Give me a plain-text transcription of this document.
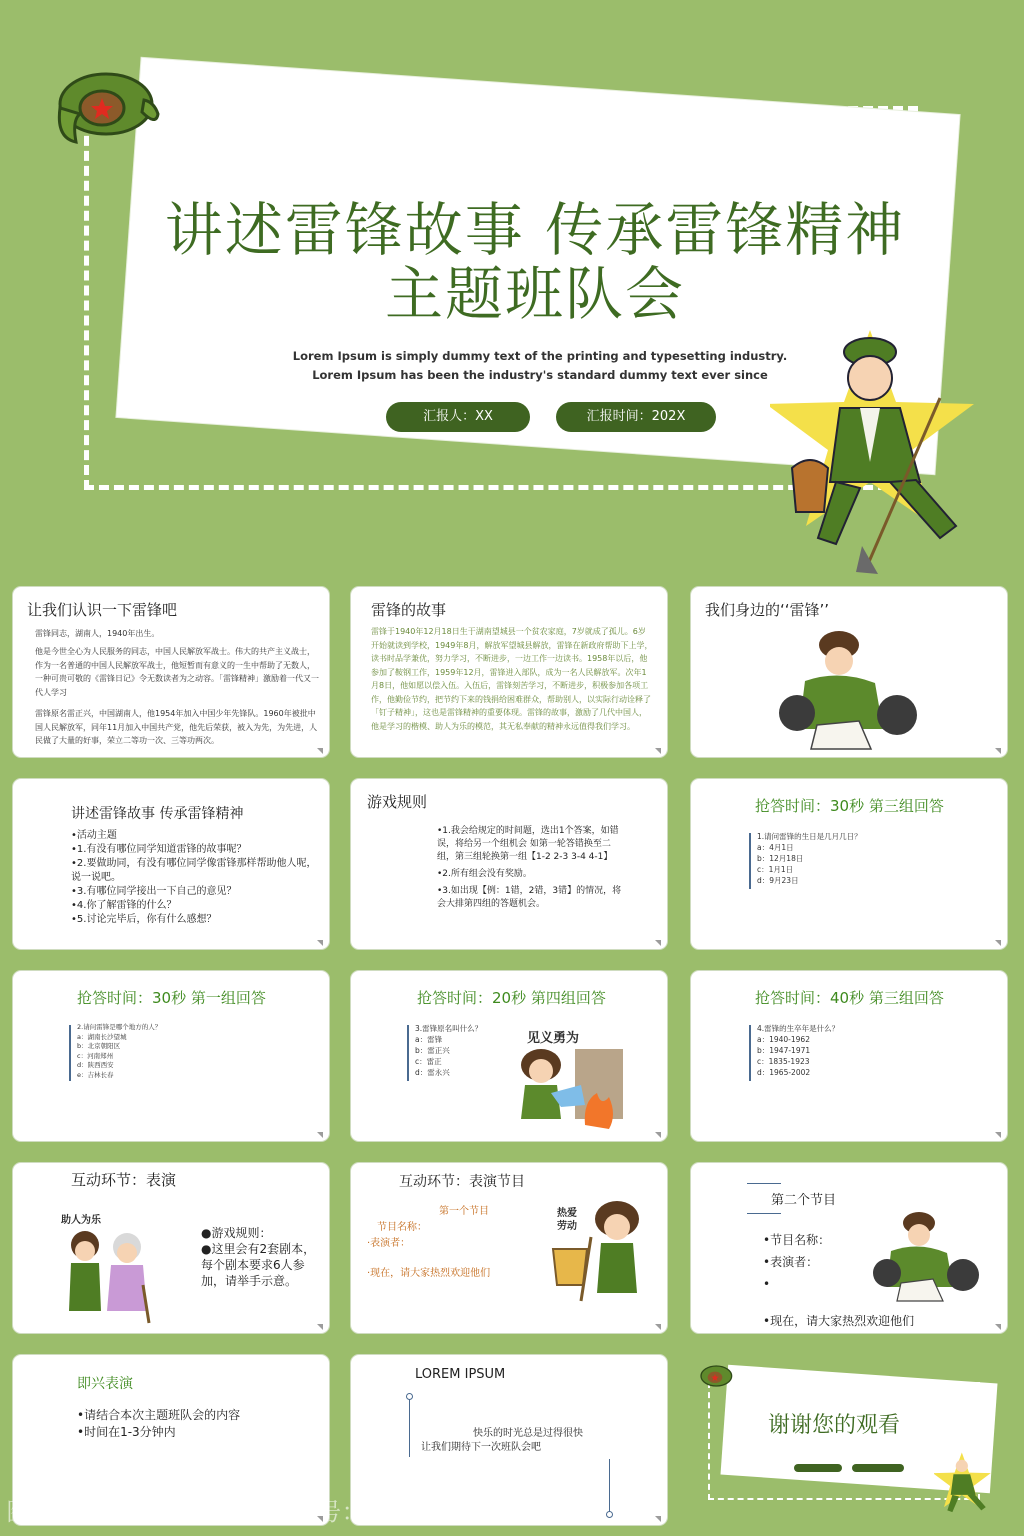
讲述雷锋故事 传承雷锋精神
主题班队会
Lorem Ipsum is simply dummy text of the printing and typesetting industry.
Lorem Ipsum has been the industry's standard dummy text ever since
汇报人：XX	汇报时间：202X
让我们认识一下雷锋吧
雷锋同志，湖南人，1940年出生。
他是今世全心为人民服务的同志，中国人民解放军战士。伟大的共产主义战士，作为一名普通的中国人民解放军战士，他短暂而有意义的一生中帮助了无数人，一种可贵可敬的《雷锋日记》令无数读者为之动容。「雷锋精神」激励着一代又一代人学习
雷锋原名雷正兴，中国湖南人，他1954年加入中国少年先锋队。1960年被批中国人民解放军，同年11月加入中国共产党，他先后荣获，被入为先，为先进，人民做了大量的好事，荣立二等功一次、三等功两次。
雷锋的故事
雷锋于1940年12月18日生于湖南望城县一个贫农家庭，7岁就成了孤儿。6岁开始就读到学校，1949年8月，解放军望城县解放，雷锋在新政府帮助下上学，读书时品学兼优，努力学习，不断进步，一边工作一边读书。1958年以后，他参加了鞍钢工作，1959年12月，雷锋进入部队，成为一名人民解放军。次年1月8日，他如愿以偿入伍。入伍后，雷锋刻苦学习，不断进步，积极参加各项工作，他勤俭节约，把节约下来的钱捐给困难群众，帮助别人，以实际行动诠释了「钉子精神」，这也是雷锋精神的重要体现。雷锋的故事，激励了几代中国人，他是学习的楷模、助人为乐的模范，其无私奉献的精神永远值得我们学习。
我们身边的‘‘雷锋’’
讲述雷锋故事 传承雷锋精神
•活动主题
•1.有没有哪位同学知道雷锋的故事呢？
•2.要做助同，有没有哪位同学像雷锋那样帮助他人呢，说一说吧。
•3.有哪位同学接出一下自己的意见？
•4.你了解雷锋的什么？
•5.讨论完毕后，你有什么感想？
游戏规则
•1.我会给规定的时间题，选出1个答案，如错误，将给另一个组机会 如第一轮答错换至二组，第三组轮换第一组【1-2 2-3 3-4 4-1】
•2.所有组会没有奖励。
•3.如出现【例：1错，2错，3错】的情况，将会大排第四组的答题机会。
抢答时间：30秒 第三组回答
1.请问雷锋的生日是几月几日？
a：4月1日
b：12月18日
c：1月1日
d：9月23日
抢答时间：30秒 第一组回答
2.请问雷锋是哪个地方的人？
a：湖南长沙望城
b：北京朝阳区
c：河南郑州
d：陕西西安
e：吉林长春
抢答时间：20秒 第四组回答
3.雷锋原名叫什么？
a：雷锋
b：雷正兴
c：雷正
d：雷永兴
见义勇为
抢答时间：40秒 第三组回答
4.雷锋的生卒年是什么？
a：1940-1962
b：1947-1971
c：1835-1923
d：1965-2002
互动环节：表演
助人为乐
●游戏规则：
●这里会有2套剧本，每个剧本要求6人参加，请举手示意。
互动环节：表演节目
第一个节目
节目名称：
·表演者：
·现在，请大家热烈欢迎他们
热爱劳动
第二个节目
•节目名称：
•表演者：
•
•现在，请大家热烈欢迎他们
即兴表演
•请结合本次主题班队会的内容
•时间在1-3分钟内
LOREM IPSUM
快乐的时光总是过得很快
让我们期待下一次班队会吧
谢谢您的观看
图行天下photophoto.cn 编号：70115254
